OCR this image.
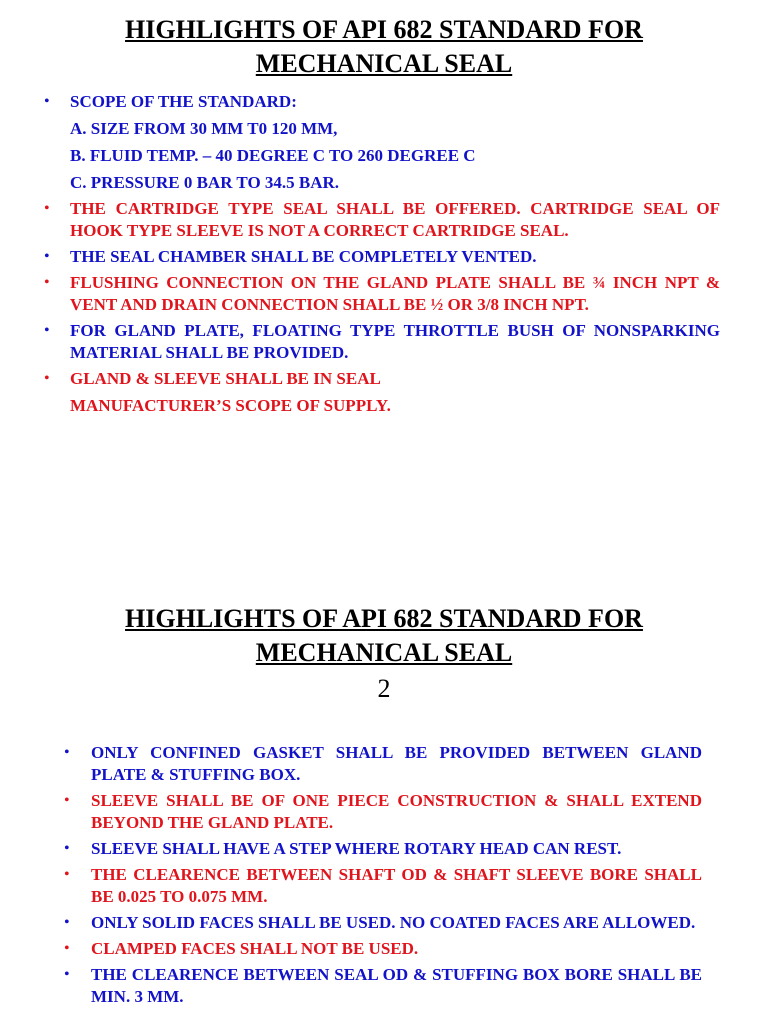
HIGHLIGHTS OF API 682 STANDARD FOR
MECHANICAL SEAL
• SCOPE OF THE STANDARD:
A. SIZE FROM 30 MM T0 120 MM,
B. FLUID TEMP. – 40 DEGREE C TO 260 DEGREE C
C. PRESSURE 0 BAR TO 34.5 BAR.
• THE CARTRIDGE TYPE SEAL SHALL BE OFFERED. CARTRIDGE SEAL OF HOOK TYPE SLEEVE IS NOT A CORRECT CARTRIDGE SEAL.
• THE SEAL CHAMBER SHALL BE COMPLETELY VENTED.
• FLUSHING CONNECTION ON THE GLAND PLATE SHALL BE ¾ INCH NPT & VENT AND DRAIN CONNECTION SHALL BE ½ OR 3/8 INCH NPT.
• FOR GLAND PLATE, FLOATING TYPE THROTTLE BUSH OF NONSPARKING MATERIAL SHALL BE PROVIDED.
• GLAND & SLEEVE SHALL BE IN SEAL
MANUFACTURER’S SCOPE OF SUPPLY.
HIGHLIGHTS OF API 682 STANDARD FOR
MECHANICAL SEAL
2
• ONLY CONFINED GASKET SHALL BE PROVIDED BETWEEN GLAND PLATE & STUFFING BOX.
• SLEEVE SHALL BE OF ONE PIECE CONSTRUCTION & SHALL EXTEND BEYOND THE GLAND PLATE.
• SLEEVE SHALL HAVE A STEP WHERE ROTARY HEAD CAN REST.
• THE CLEARENCE BETWEEN SHAFT OD & SHAFT SLEEVE BORE SHALL BE 0.025 TO 0.075 MM.
• ONLY SOLID FACES SHALL BE USED. NO COATED FACES ARE ALLOWED.
• CLAMPED FACES SHALL NOT BE USED.
• THE CLEARENCE BETWEEN SEAL OD & STUFFING BOX BORE SHALL BE MIN. 3 MM.
